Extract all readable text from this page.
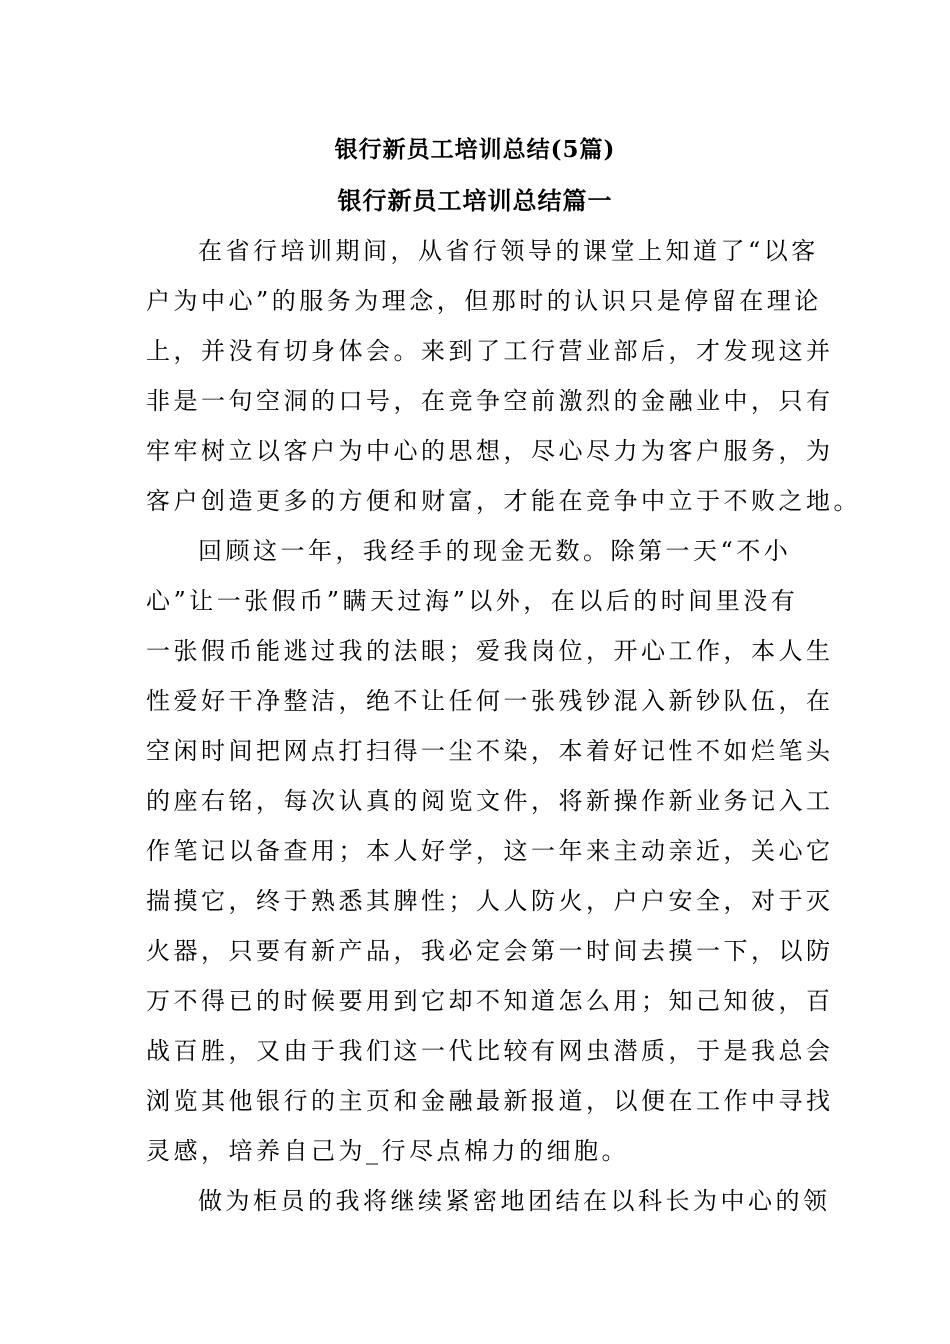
银行新员工培训总结(5篇)
银行新员工培训总结篇一
在省行培训期间，从省行领导的课堂上知道了“以客
户为中心”的服务为理念，但那时的认识只是停留在理论
上，并没有切身体会。来到了工行营业部后，才发现这并
非是一句空洞的口号，在竞争空前激烈的金融业中，只有
牢牢树立以客户为中心的思想，尽心尽力为客户服务，为
客户创造更多的方便和财富，才能在竞争中立于不败之地。
回顾这一年，我经手的现金无数。除第一天“不小
心”让一张假币”瞒天过海”以外，在以后的时间里没有
一张假币能逃过我的法眼；爱我岗位，开心工作，本人生
性爱好干净整洁，绝不让任何一张残钞混入新钞队伍，在
空闲时间把网点打扫得一尘不染，本着好记性不如烂笔头
的座右铭，每次认真的阅览文件，将新操作新业务记入工
作笔记以备查用；本人好学，这一年来主动亲近，关心它
揣摸它，终于熟悉其脾性；人人防火，户户安全，对于灭
火器，只要有新产品，我必定会第一时间去摸一下，以防
万不得已的时候要用到它却不知道怎么用；知己知彼，百
战百胜，又由于我们这一代比较有网虫潜质，于是我总会
浏览其他银行的主页和金融最新报道，以便在工作中寻找
灵感，培养自己为_行尽点棉力的细胞。
做为柜员的我将继续紧密地团结在以科长为中心的领
